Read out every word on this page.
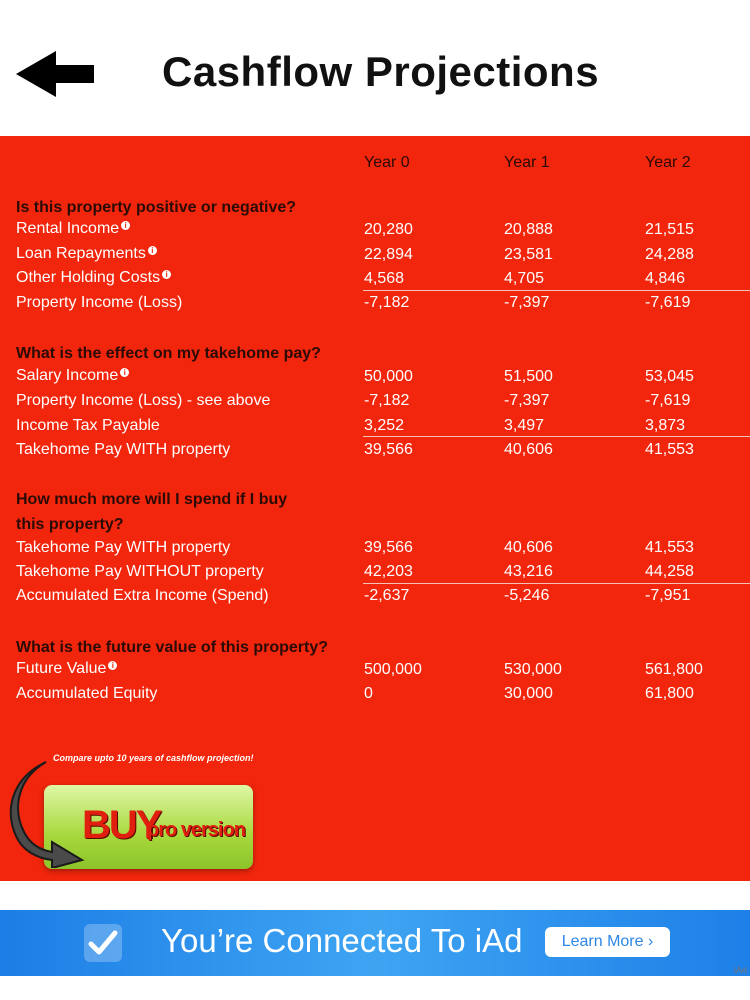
Cashflow Projections
Year 0	Year 1	Year 2
Is this property positive or negative?
Rental Income i	20,280	20,888	21,515
Loan Repayments i	22,894	23,581	24,288
Other Holding Costs i	4,568	4,705	4,846
Property Income (Loss)	-7,182	-7,397	-7,619
What is the effect on my takehome pay?
Salary Income i	50,000	51,500	53,045
Property Income (Loss) - see above	-7,182	-7,397	-7,619
Income Tax Payable	3,252	3,497	3,873
Takehome Pay WITH property	39,566	40,606	41,553
How much more will I spend if I buy
this property?
Takehome Pay WITH property	39,566	40,606	41,553
Takehome Pay WITHOUT property	42,203	43,216	44,258
Accumulated Extra Income (Spend)	-2,637	-5,246	-7,951
What is the future value of this property?
Future Value i	500,000	530,000	561,800
Accumulated Equity	0	30,000	61,800
Compare upto 10 years of cashflow projection!
BUY
pro version
You’re Connected To iAd	Learn More ›
iAd
